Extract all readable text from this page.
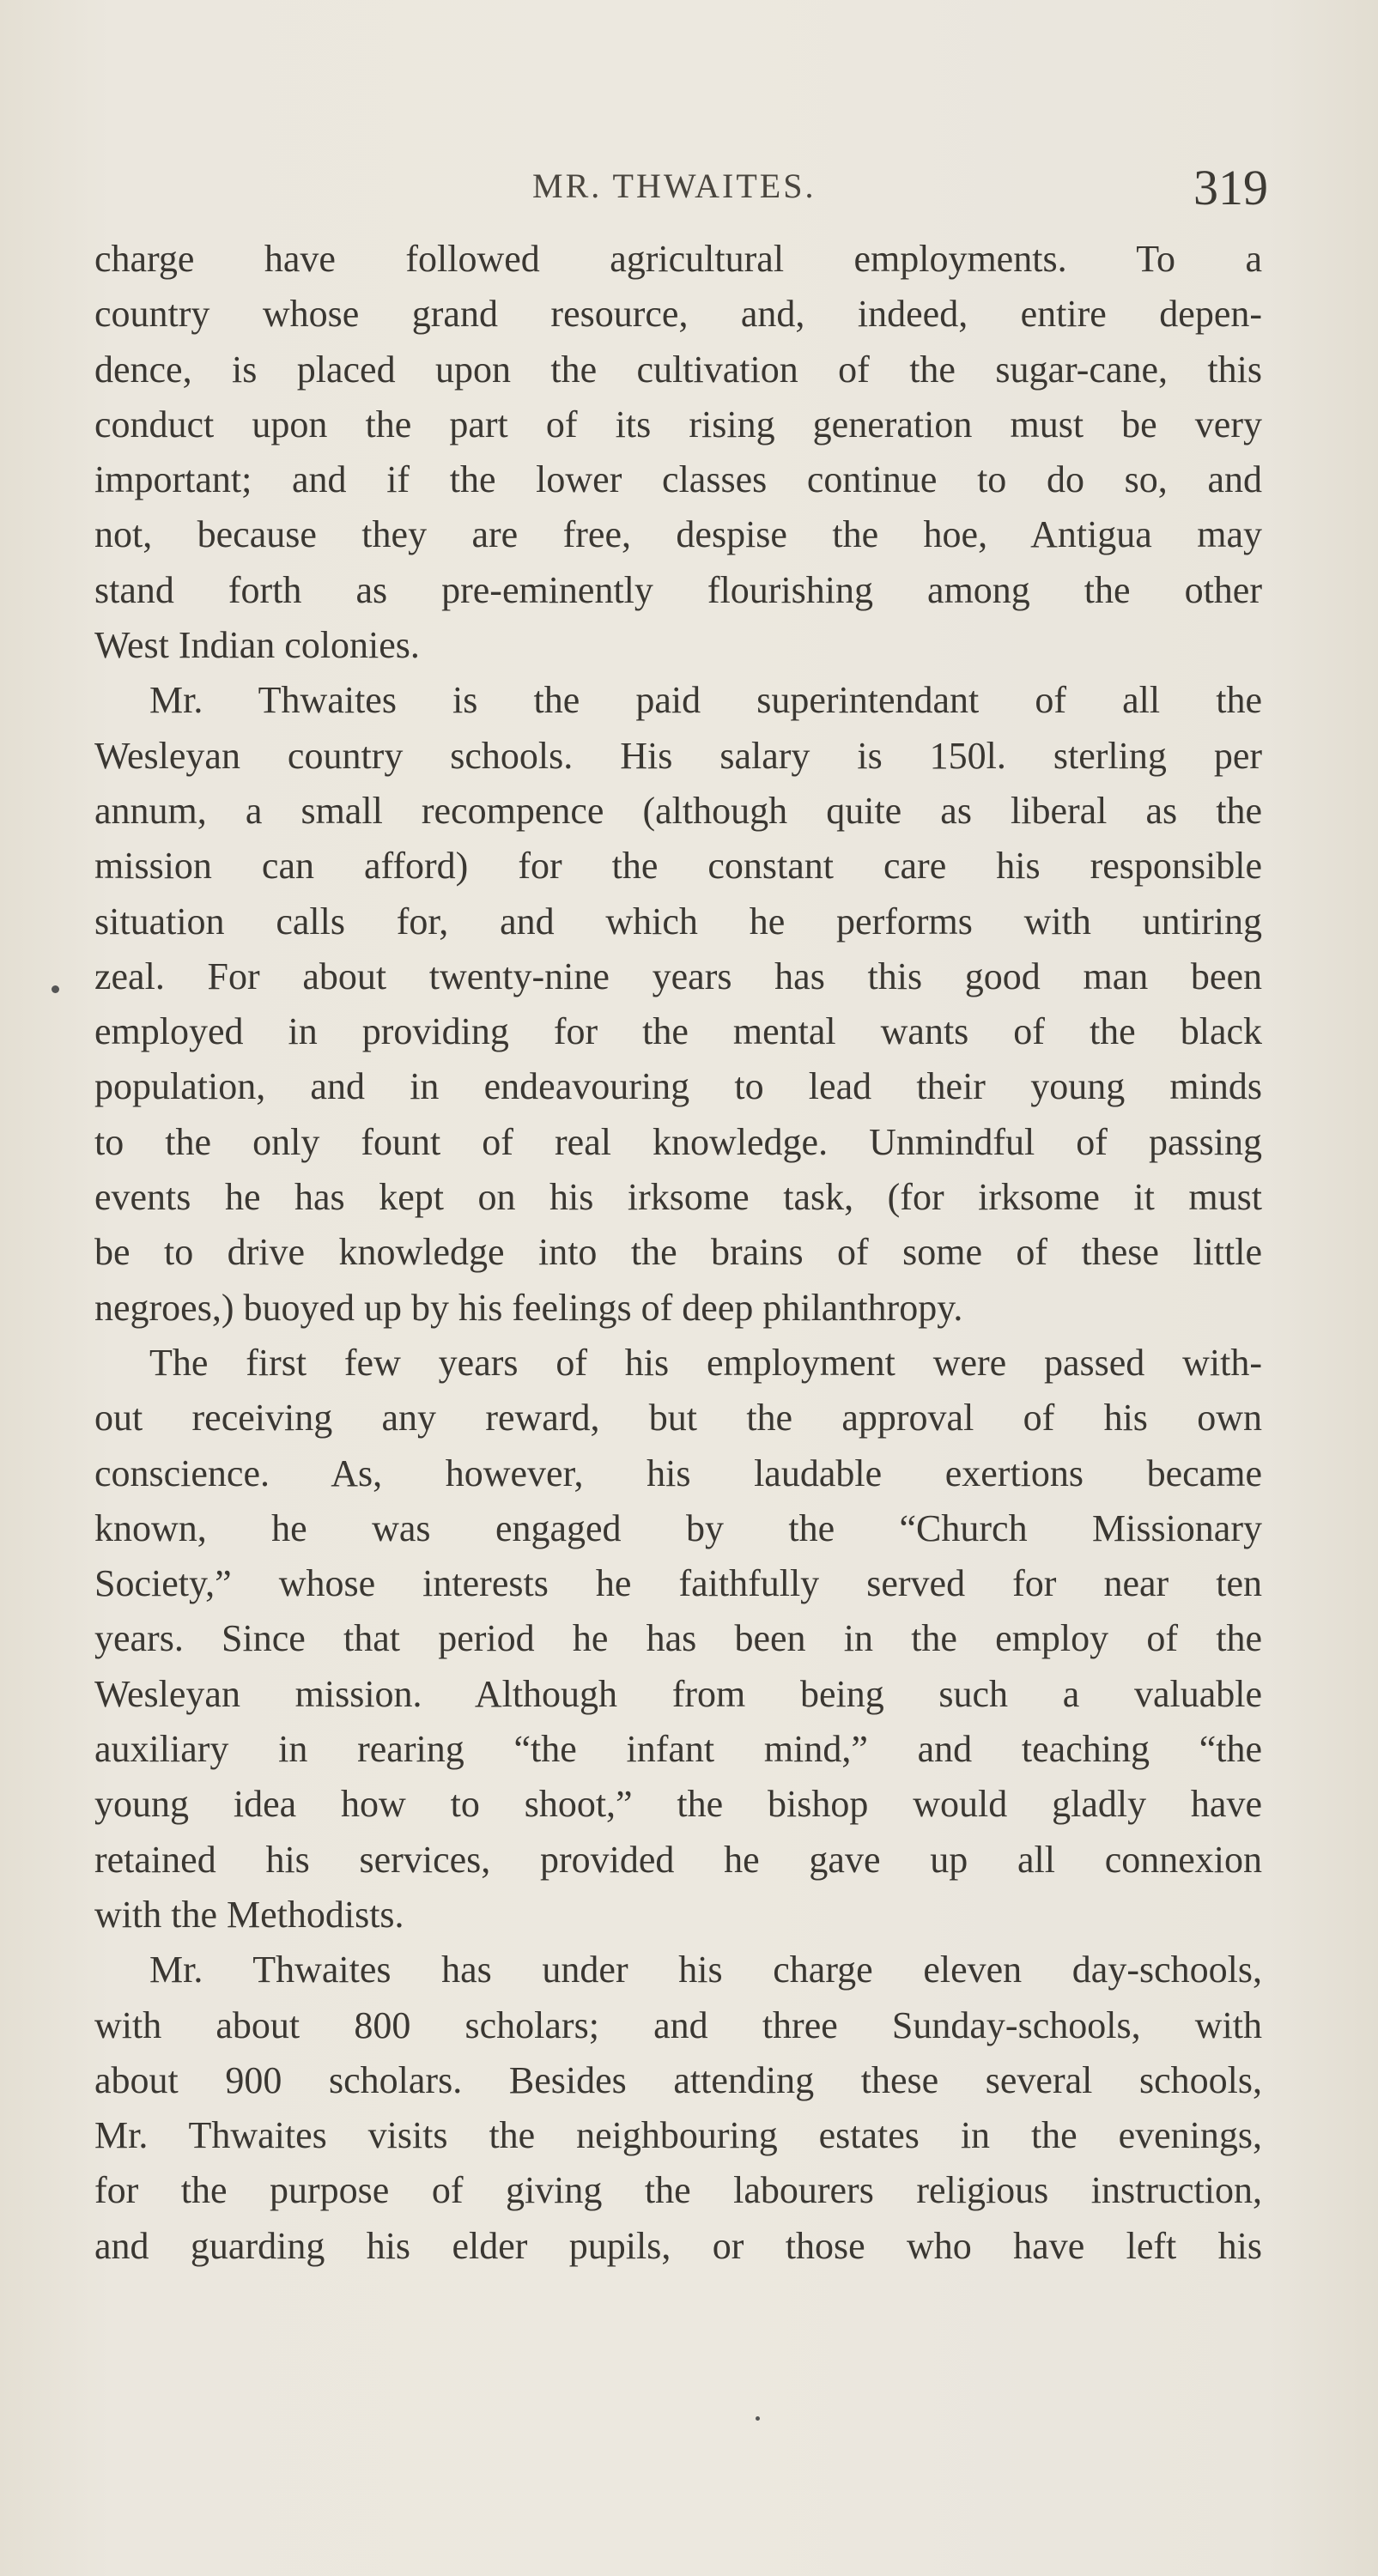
MR. THWAITES.	319
charge have followed agricultural employments. To a
country whose grand resource, and, indeed, entire depen-
dence, is placed upon the cultivation of the sugar-cane, this
conduct upon the part of its rising generation must be very
important; and if the lower classes continue to do so, and
not, because they are free, despise the hoe, Antigua may
stand forth as pre-eminently flourishing among the other
West Indian colonies.
Mr. Thwaites is the paid superintendant of all the
Wesleyan country schools. His salary is 150l. sterling per
annum, a small recompence (although quite as liberal as the
mission can afford) for the constant care his responsible
situation calls for, and which he performs with untiring
zeal. For about twenty-nine years has this good man been
employed in providing for the mental wants of the black
population, and in endeavouring to lead their young minds
to the only fount of real knowledge. Unmindful of passing
events he has kept on his irksome task, (for irksome it must
be to drive knowledge into the brains of some of these little
negroes,) buoyed up by his feelings of deep philanthropy.
The first few years of his employment were passed with-
out receiving any reward, but the approval of his own
conscience. As, however, his laudable exertions became
known, he was engaged by the “Church Missionary
Society,” whose interests he faithfully served for near ten
years. Since that period he has been in the employ of the
Wesleyan mission. Although from being such a valuable
auxiliary in rearing “the infant mind,” and teaching “the
young idea how to shoot,” the bishop would gladly have
retained his services, provided he gave up all connexion
with the Methodists.
Mr. Thwaites has under his charge eleven day-schools,
with about 800 scholars; and three Sunday-schools, with
about 900 scholars. Besides attending these several schools,
Mr. Thwaites visits the neighbouring estates in the evenings,
for the purpose of giving the labourers religious instruction,
and guarding his elder pupils, or those who have left his
